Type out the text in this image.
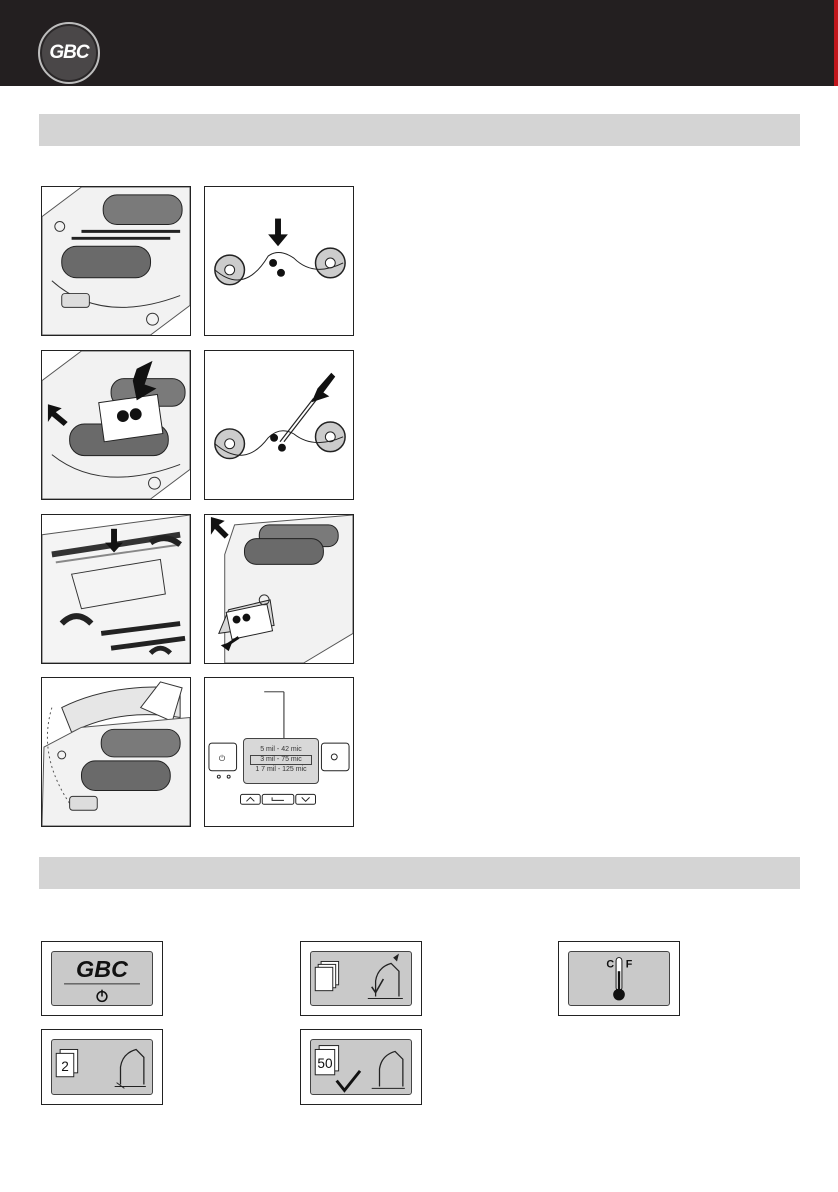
GBC
⏻
5 mil - 42 mic
3 mil - 75 mic
1 7 mil - 125 mic
GBC	C F
2	50
